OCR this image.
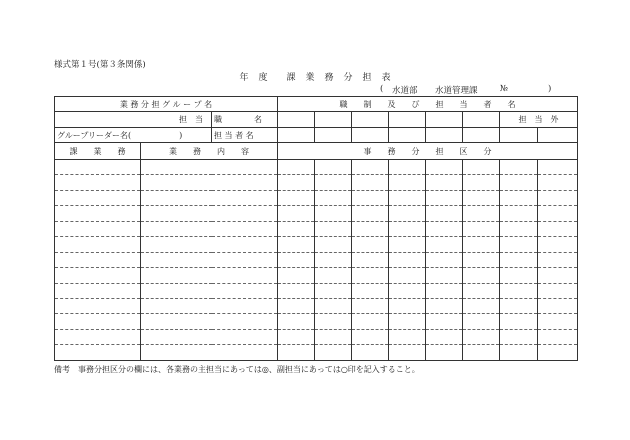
様式第１号(第３条関係)
年 度 課 業 務 分 担 表
( 水道部 水道管理課	№	)
業 務 分 担 グ ル ー プ 名			職　　制　　及　　び　　担　　当　　者　　名							
担　当		職　　　　名							担　当　外	
グループリーダー名(　　　　　　)		担 当 者 名								
課　　業　　務	業　　務　　内　　容		事　　務　　分　　担　　区　　分							

備考　事務分担区分の欄には、各業務の主担当にあっては◎、副担当にあっては○印を記入すること。
